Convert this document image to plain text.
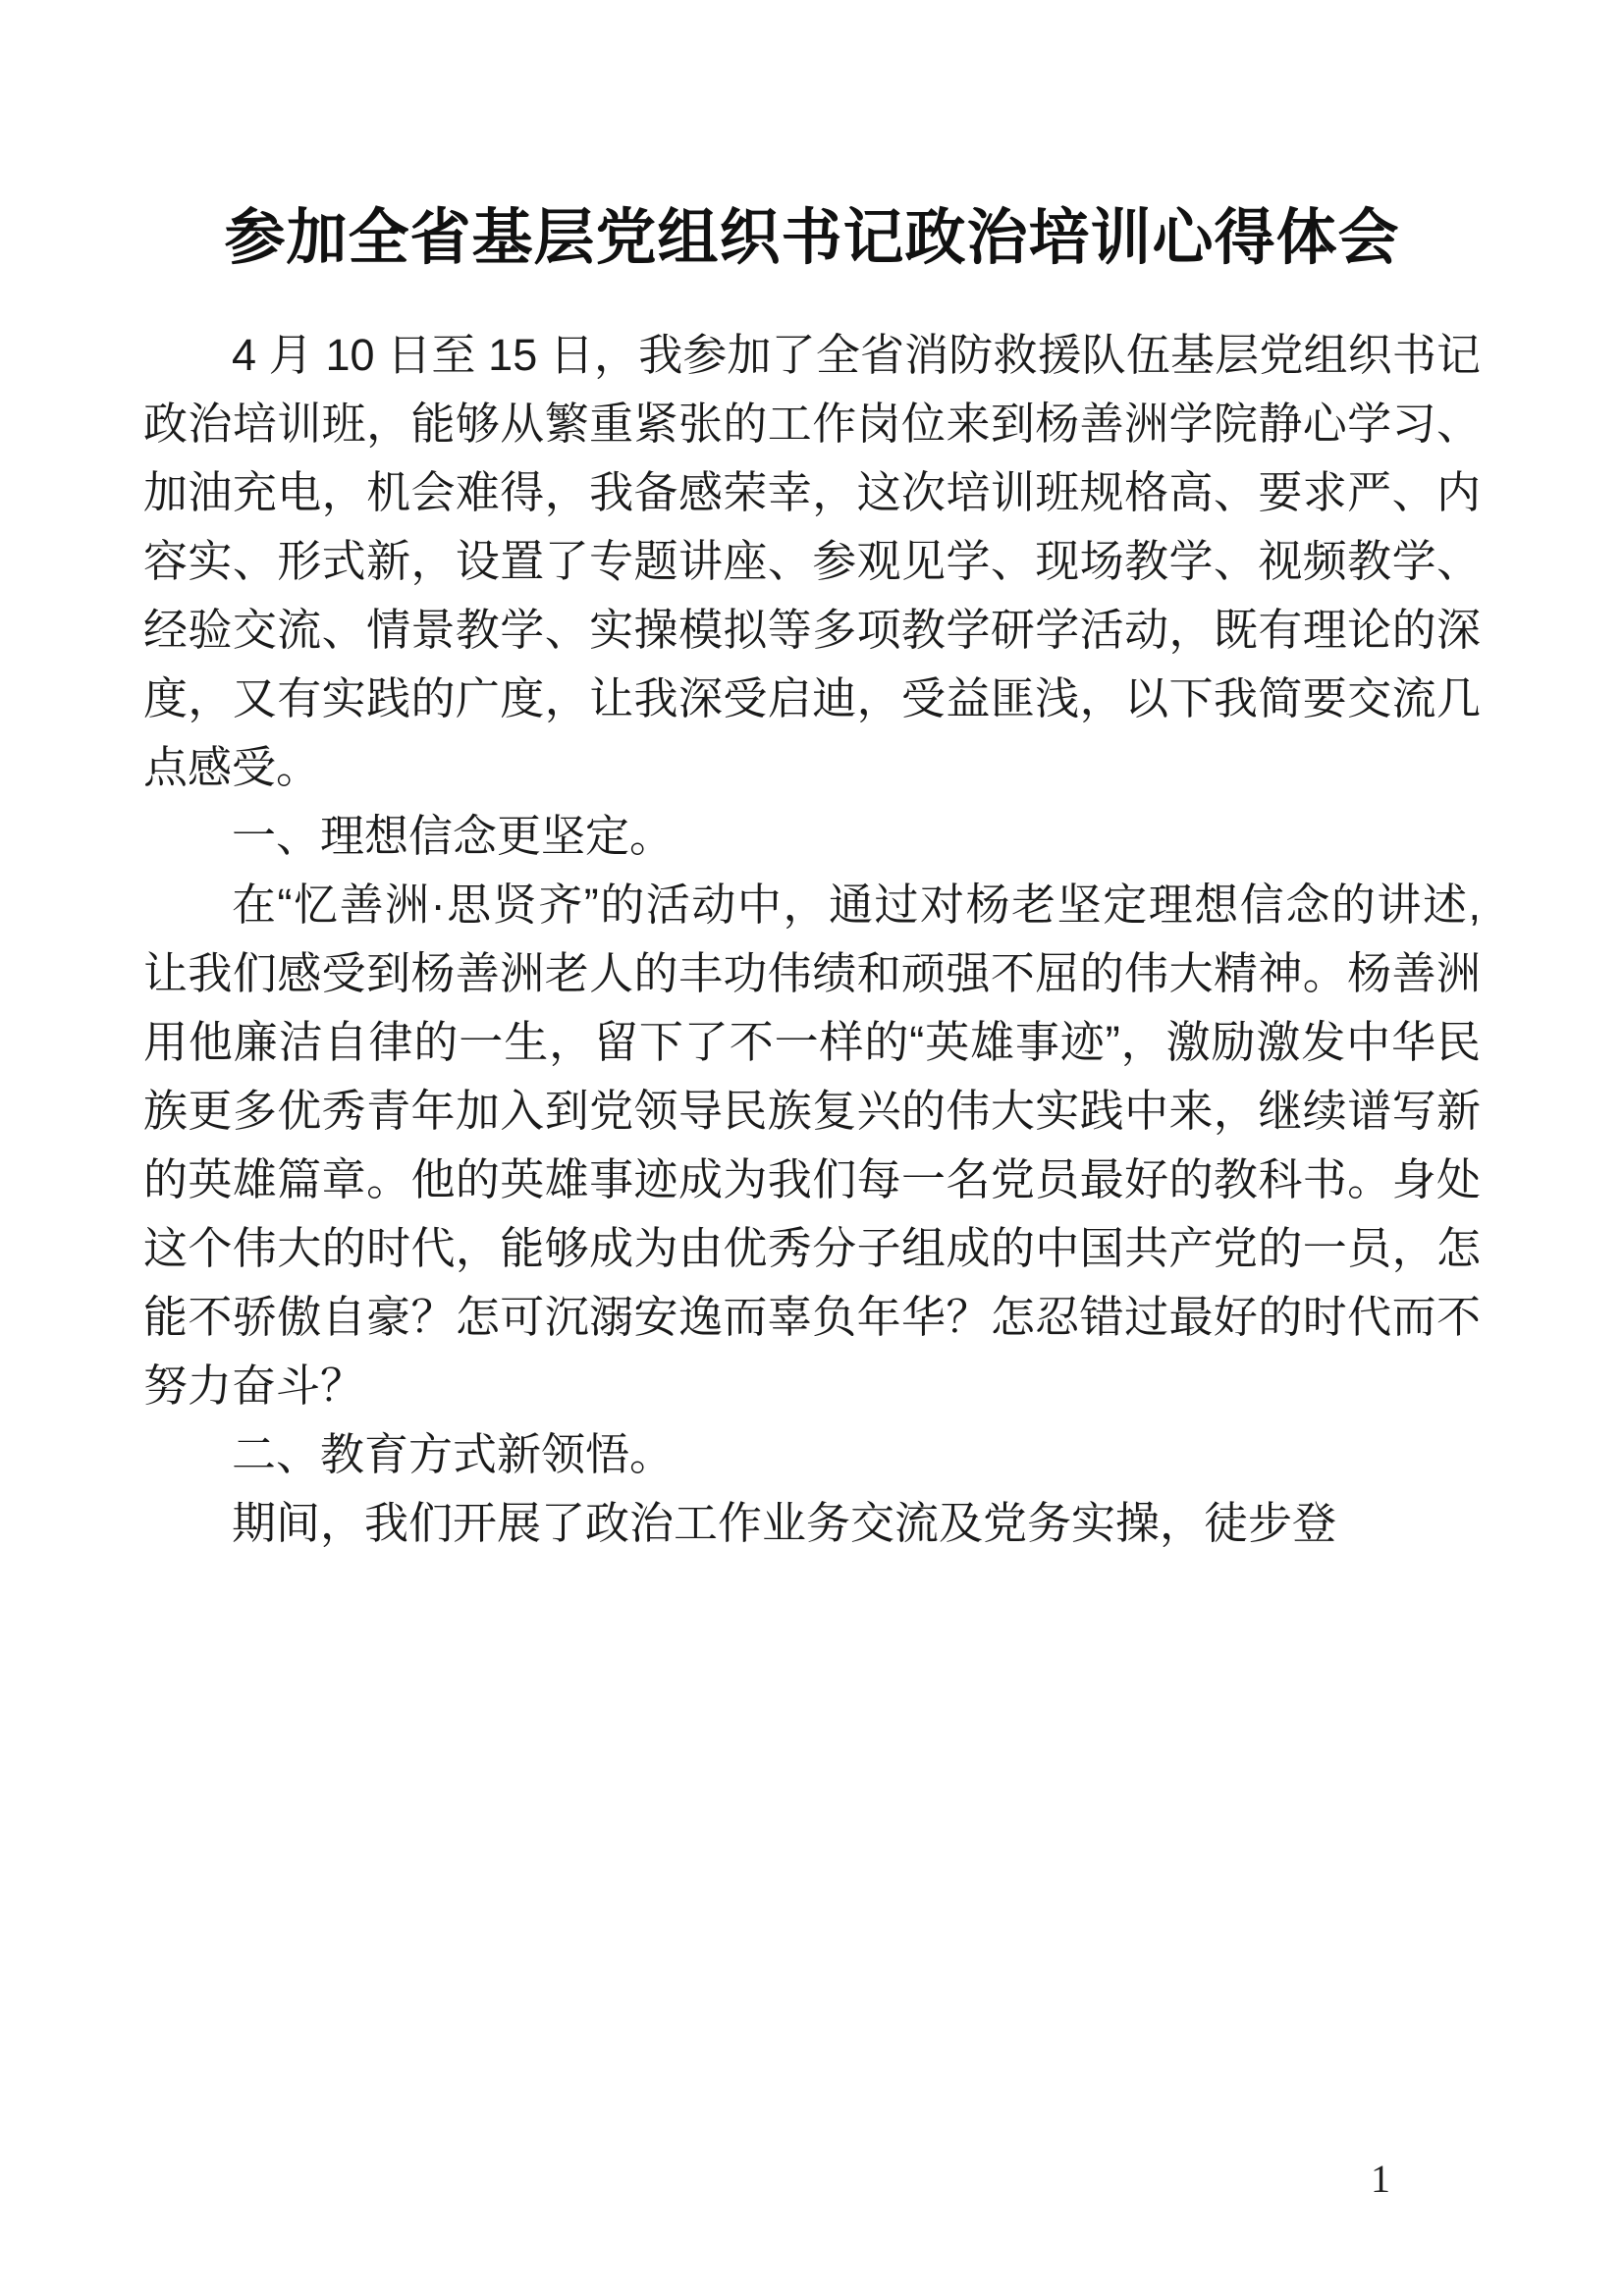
参加全省基层党组织书记政治培训心得体会

4 月 10 日至 15 日，我参加了全省消防救援队伍基层党组织书记政治培训班，能够从繁重紧张的工作岗位来到杨善洲学院静心学习、加油充电，机会难得，我备感荣幸，这次培训班规格高、要求严、内容实、形式新，设置了专题讲座、参观见学、现场教学、视频教学、经验交流、情景教学、实操模拟等多项教学研学活动，既有理论的深度，又有实践的广度，让我深受启迪，受益匪浅，以下我简要交流几点感受。

一、理想信念更坚定。

在“忆善洲·思贤齐”的活动中，通过对杨老坚定理想信念的讲述,让我们感受到杨善洲老人的丰功伟绩和顽强不屈的伟大精神。杨善洲用他廉洁自律的一生，留下了不一样的“英雄事迹”，激励激发中华民族更多优秀青年加入到党领导民族复兴的伟大实践中来，继续谱写新的英雄篇章。他的英雄事迹成为我们每一名党员最好的教科书。身处这个伟大的时代，能够成为由优秀分子组成的中国共产党的一员，怎能不骄傲自豪？怎可沉溺安逸而辜负年华？怎忍错过最好的时代而不努力奋斗？

二、教育方式新领悟。

期间，我们开展了政治工作业务交流及党务实操，徒步登

1
